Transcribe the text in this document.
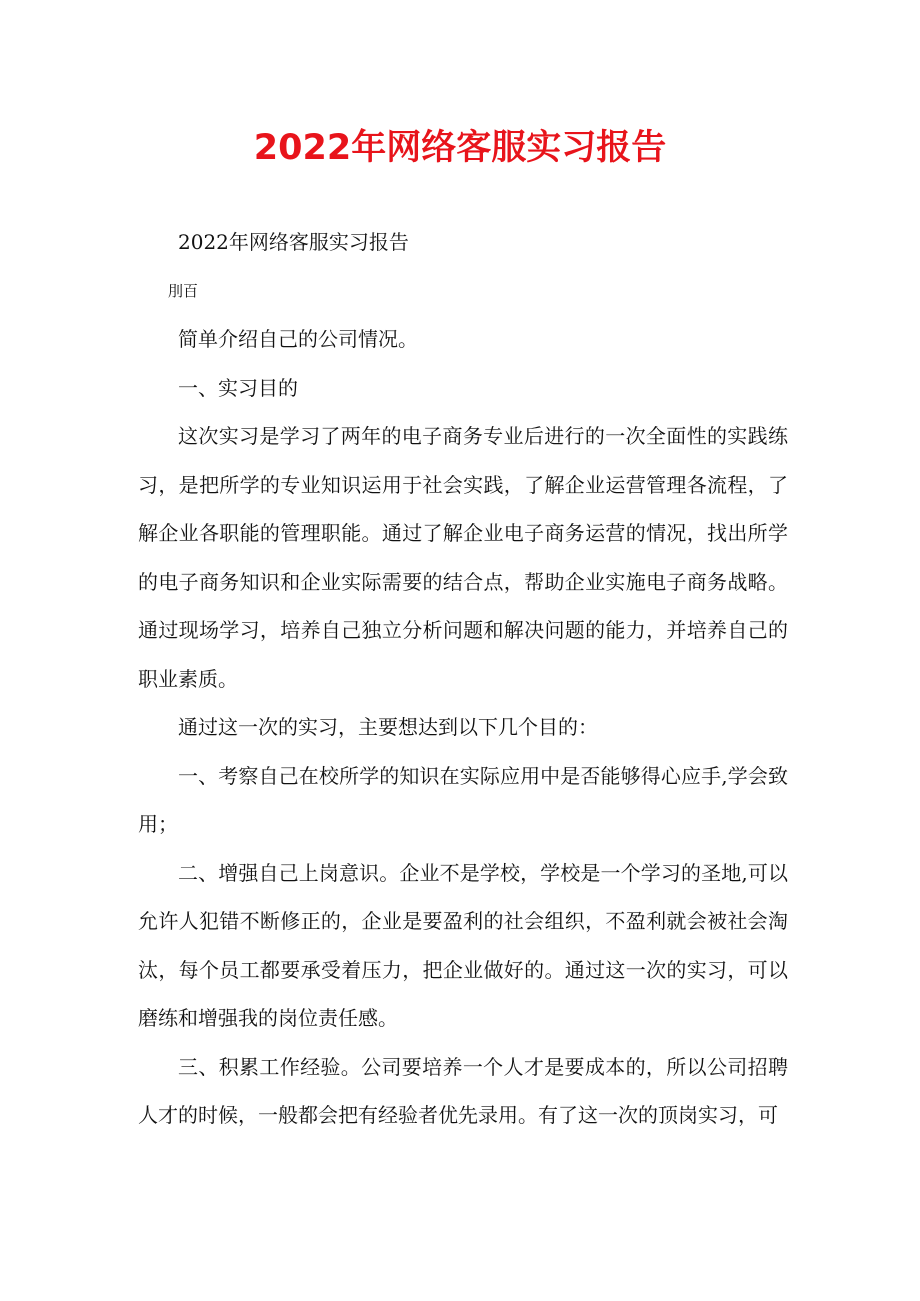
2022年网络客服实习报告

2022年网络客服实习报告

刖百

简单介绍自己的公司情况。

一、实习目的

这次实习是学习了两年的电子商务专业后进行的一次全面性的实践练习，是把所学的专业知识运用于社会实践，了解企业运营管理各流程，了解企业各职能的管理职能。通过了解企业电子商务运营的情况，找出所学的电子商务知识和企业实际需要的结合点，帮助企业实施电子商务战略。通过现场学习，培养自己独立分析问题和解决问题的能力，并培养自己的职业素质。

通过这一次的实习，主要想达到以下几个目的：

一、考察自己在校所学的知识在实际应用中是否能够得心应手,学会致用；

二、增强自己上岗意识。企业不是学校，学校是一个学习的圣地,可以允许人犯错不断修正的，企业是要盈利的社会组织，不盈利就会被社会淘汰，每个员工都要承受着压力，把企业做好的。通过这一次的实习，可以磨练和增强我的岗位责任感。

三、积累工作经验。公司要培养一个人才是要成本的，所以公司招聘人才的时候，一般都会把有经验者优先录用。有了这一次的顶岗实习，可
